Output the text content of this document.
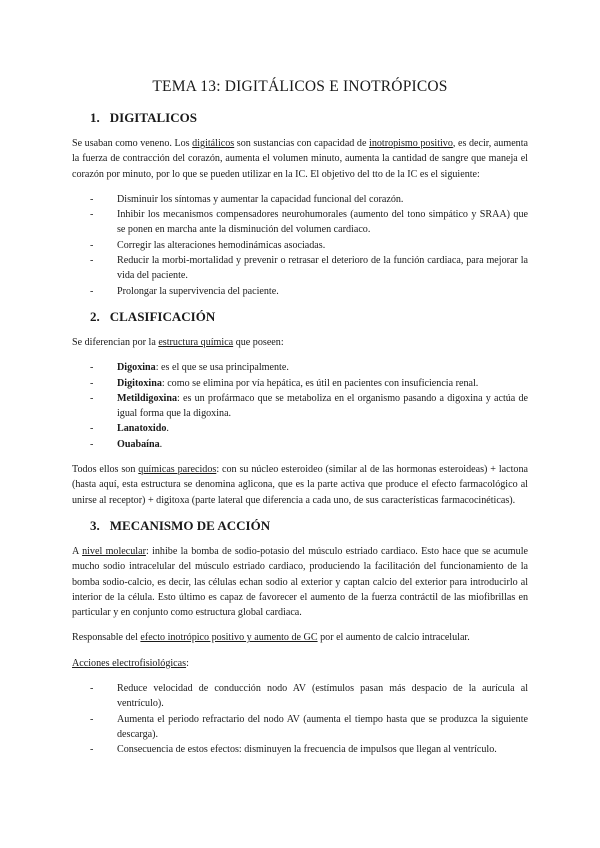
TEMA 13: DIGITÁLICOS E INOTRÓPICOS
1. DIGITALICOS

Se usaban como veneno. Los digitálicos son sustancias con capacidad de inotropismo positivo, es decir, aumenta la fuerza de contracción del corazón, aumenta el volumen minuto, aumenta la cantidad de sangre que maneja el corazón por minuto, por lo que se pueden utilizar en la IC. El objetivo del tto de la IC es el siguiente:

- Disminuir los síntomas y aumentar la capacidad funcional del corazón.
- Inhibir los mecanismos compensadores neurohumorales (aumento del tono simpático y SRAA) que se ponen en marcha ante la disminución del volumen cardiaco.
- Corregir las alteraciones hemodinámicas asociadas.
- Reducir la morbi-mortalidad y prevenir o retrasar el deterioro de la función cardiaca, para mejorar la vida del paciente.
- Prolongar la supervivencia del paciente.
2. CLASIFICACIÓN

Se diferencian por la estructura química que poseen:

- Digoxina: es el que se usa principalmente.
- Digitoxina: como se elimina por vía hepática, es útil en pacientes con insuficiencia renal.
- Metildigoxina: es un profármaco que se metaboliza en el organismo pasando a digoxina y actúa de igual forma que la digoxina.
- Lanatoxido.
- Ouabaína.

Todos ellos son químicas parecidos: con su núcleo esteroideo (similar al de las hormonas esteroideas) + lactona (hasta aquí, esta estructura se denomina aglicona, que es la parte activa que produce el efecto farmacológico al unirse al receptor) + digitoxa (parte lateral que diferencia a cada uno, de sus características farmacocinéticas).

3. MECANISMO DE ACCIÓN

A nivel molecular: inhibe la bomba de sodio-potasio del músculo estriado cardiaco. Esto hace que se acumule mucho sodio intracelular del músculo estriado cardiaco, produciendo la facilitación del funcionamiento de la bomba sodio-calcio, es decir, las células echan sodio al exterior y captan calcio del exterior para introducirlo al interior de la célula. Esto último es capaz de favorecer el aumento de la fuerza contráctil de las miofibrillas en particular y en conjunto como estructura global cardiaca.

Responsable del efecto inotrópico positivo y aumento de GC por el aumento de calcio intracelular.

Acciones electrofisiológicas:

- Reduce velocidad de conducción nodo AV (estímulos pasan más despacio de la aurícula al ventrículo).
- Aumenta el periodo refractario del nodo AV (aumenta el tiempo hasta que se produzca la siguiente descarga).
- Consecuencia de estos efectos: disminuyen la frecuencia de impulsos que llegan al ventrículo.
